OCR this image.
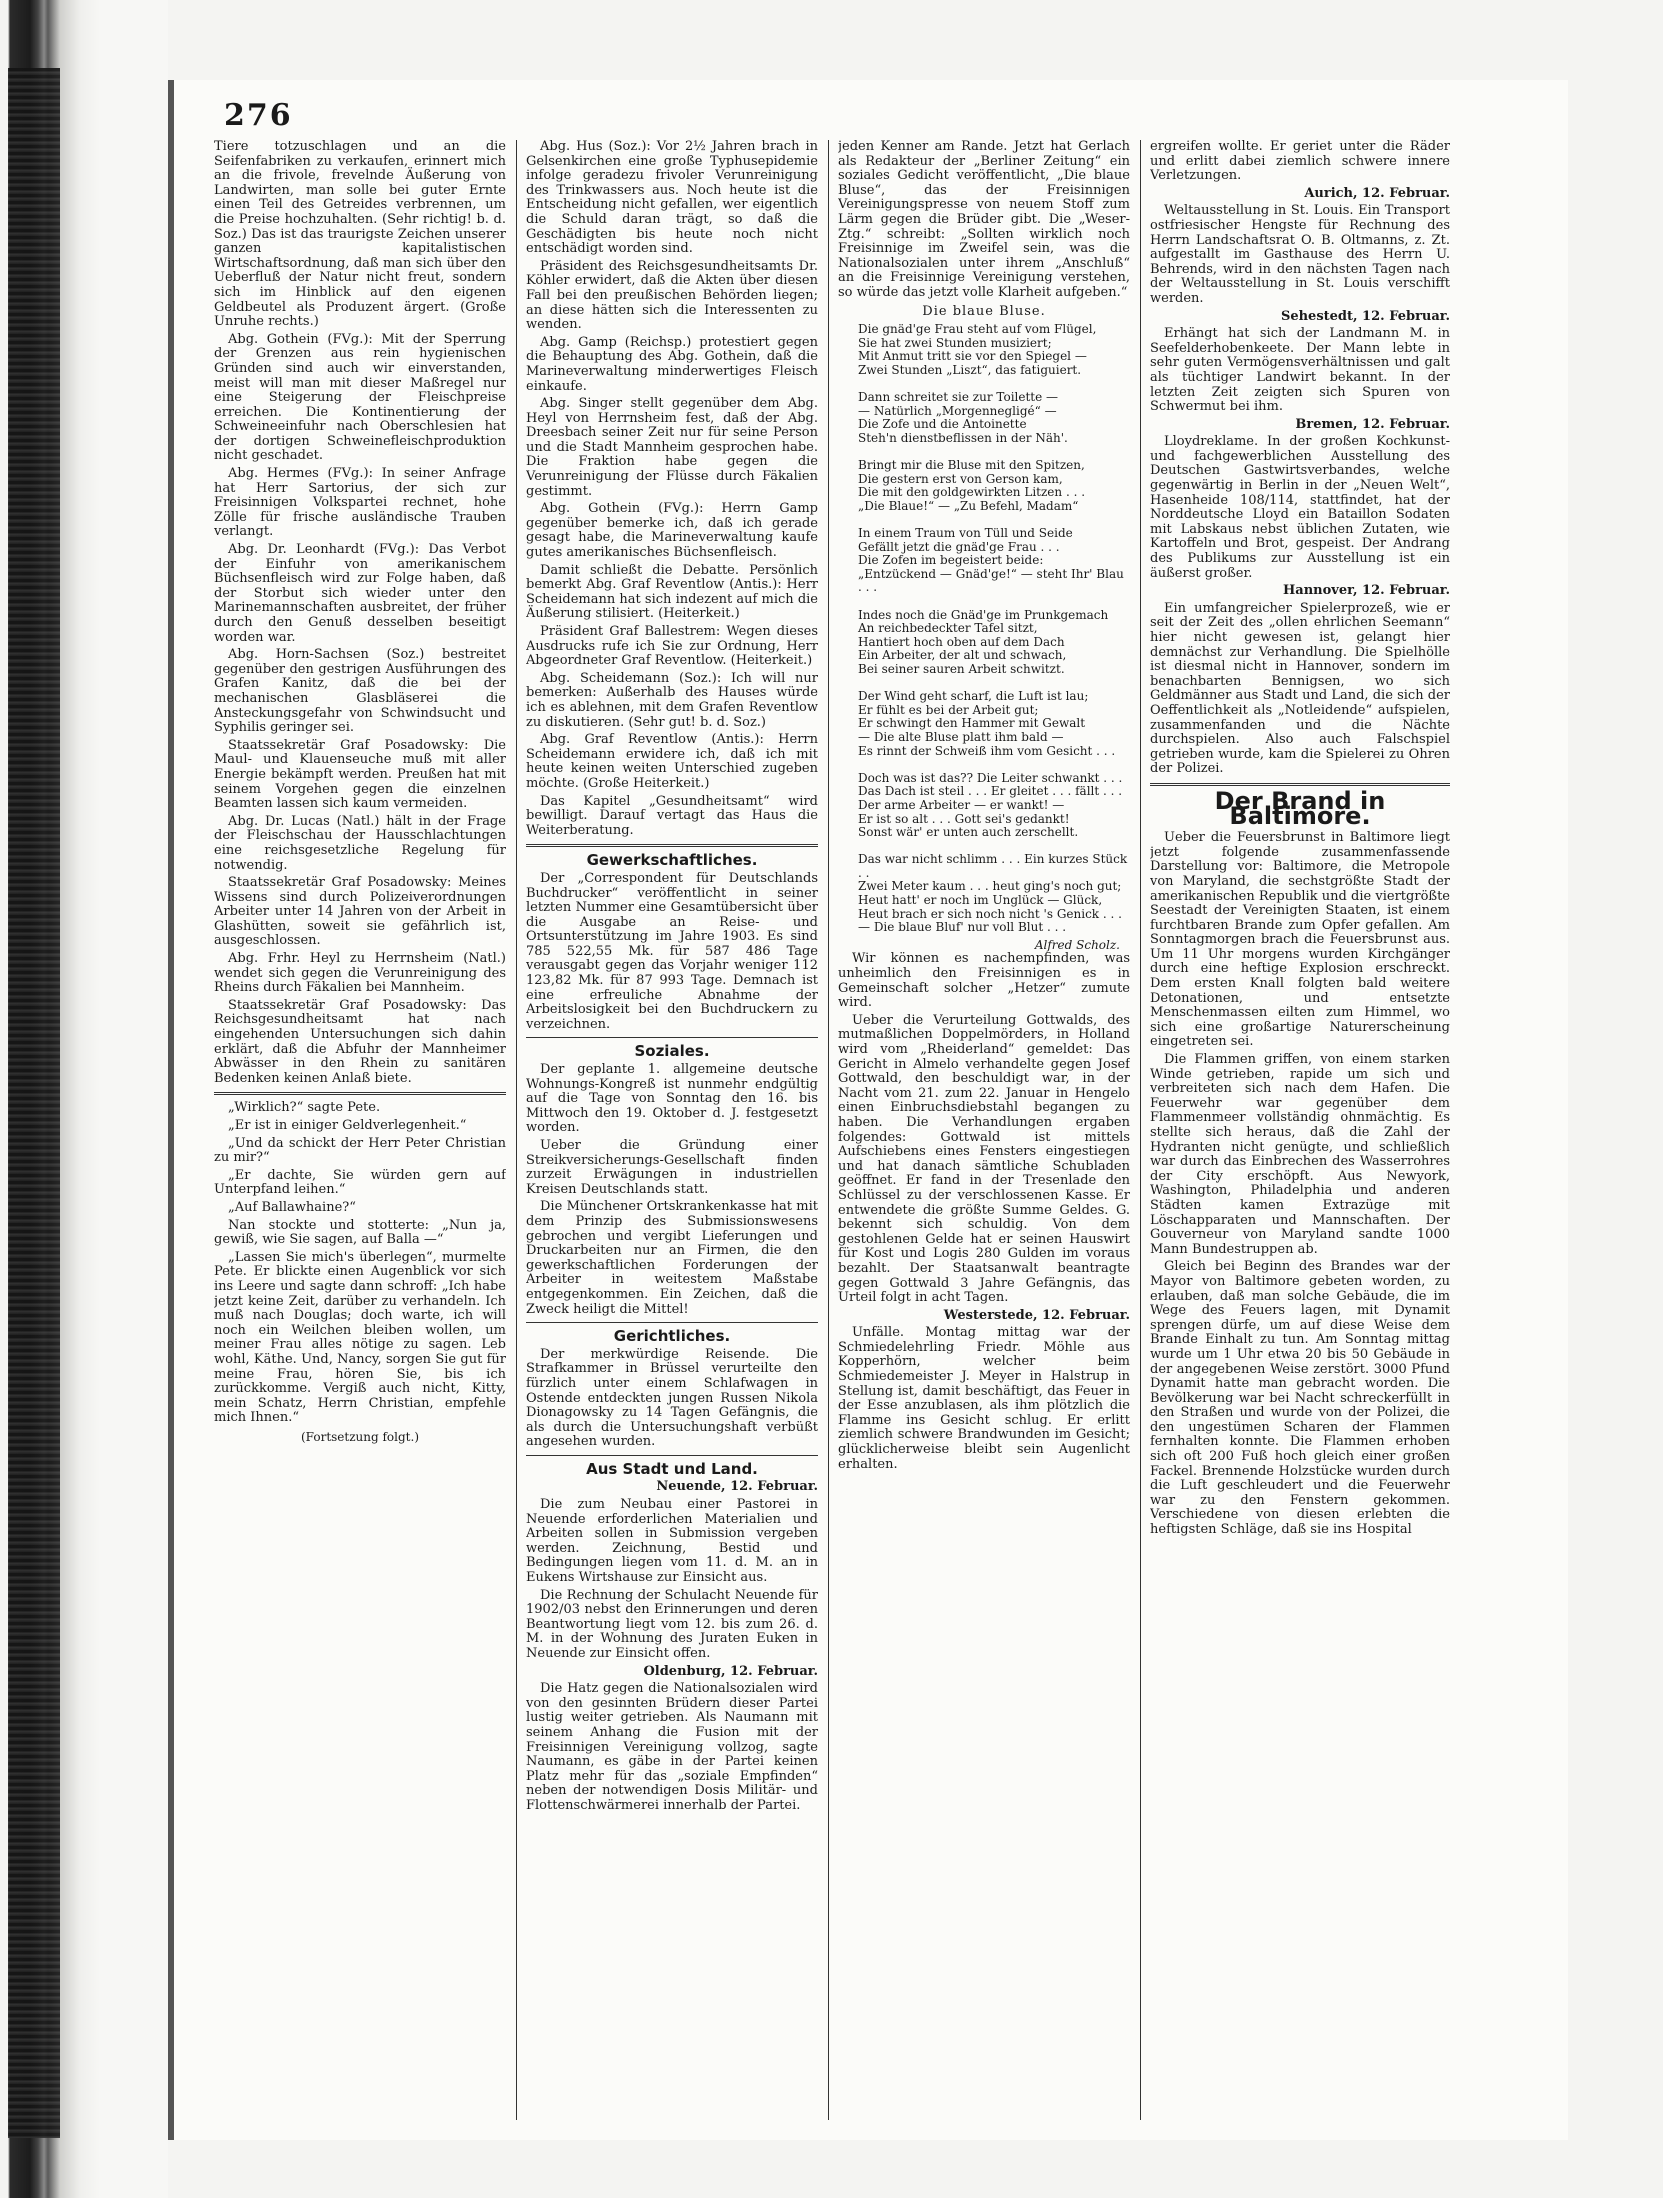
276

Tiere totzuschlagen und an die Seifenfabriken zu verkaufen, erinnert mich an die frivole, frevelnde Äußerung von Landwirten, man solle bei guter Ernte einen Teil des Getreides verbrennen, um die Preise hochzuhalten. (Sehr richtig! b. d. Soz.) Das ist das traurigste Zeichen unserer ganzen kapitalistischen Wirtschaftsordnung, daß man sich über den Ueberfluß der Natur nicht freut, sondern sich im Hinblick auf den eigenen Geldbeutel als Produzent ärgert. (Große Unruhe rechts.)

Abg. Gothein (FVg.): Mit der Sperrung der Grenzen aus rein hygienischen Gründen sind auch wir einverstanden, meist will man mit dieser Maßregel nur eine Steigerung der Fleischpreise erreichen. Die Kontinentierung der Schweineeinfuhr nach Oberschlesien hat der dortigen Schweinefleischproduktion nicht geschadet.

Abg. Hermes (FVg.): In seiner Anfrage hat Herr Sartorius, der sich zur Freisinnigen Volkspartei rechnet, hohe Zölle für frische ausländische Trauben verlangt.

Abg. Dr. Leonhardt (FVg.): Das Verbot der Einfuhr von amerikanischem Büchsenfleisch wird zur Folge haben, daß der Storbut sich wieder unter den Marinemannschaften ausbreitet, der früher durch den Genuß desselben beseitigt worden war.

Abg. Horn-Sachsen (Soz.) bestreitet gegenüber den gestrigen Ausführungen des Grafen Kanitz, daß die bei der mechanischen Glasbläserei die Ansteckungsgefahr von Schwindsucht und Syphilis geringer sei.

Staatssekretär Graf Posadowsky: Die Maul- und Klauenseuche muß mit aller Energie bekämpft werden. Preußen hat mit seinem Vorgehen gegen die einzelnen Beamten lassen sich kaum vermeiden.

Abg. Dr. Lucas (Natl.) hält in der Frage der Fleischschau der Hausschlachtungen eine reichsgesetzliche Regelung für notwendig.

Staatssekretär Graf Posadowsky: Meines Wissens sind durch Polizeiverordnungen Arbeiter unter 14 Jahren von der Arbeit in Glashütten, soweit sie gefährlich ist, ausgeschlossen.

Abg. Frhr. Heyl zu Herrnsheim (Natl.) wendet sich gegen die Verunreinigung des Rheins durch Fäkalien bei Mannheim.

Staatssekretär Graf Posadowsky: Das Reichsgesundheitsamt hat nach eingehenden Untersuchungen sich dahin erklärt, daß die Abfuhr der Mannheimer Abwässer in den Rhein zu sanitären Bedenken keinen Anlaß biete.

„Wirklich?“ sagte Pete.

„Er ist in einiger Geldverlegenheit.“

„Und da schickt der Herr Peter Christian zu mir?“

„Er dachte, Sie würden gern auf Unterpfand leihen.“

„Auf Ballawhaine?“

Nan stockte und stotterte: „Nun ja, gewiß, wie Sie sagen, auf Balla —“

„Lassen Sie mich's überlegen“, murmelte Pete. Er blickte einen Augenblick vor sich ins Leere und sagte dann schroff: „Ich habe jetzt keine Zeit, darüber zu verhandeln. Ich muß nach Douglas; doch warte, ich will noch ein Weilchen bleiben wollen, um meiner Frau alles nötige zu sagen. Leb wohl, Käthe. Und, Nancy, sorgen Sie gut für meine Frau, hören Sie, bis ich zurückkomme. Vergiß auch nicht, Kitty, mein Schatz, Herrn Christian, empfehle mich Ihnen.“

(Fortsetzung folgt.)

Abg. Hus (Soz.): Vor 2½ Jahren brach in Gelsenkirchen eine große Typhusepidemie infolge geradezu frivoler Verunreinigung des Trinkwassers aus. Noch heute ist die Entscheidung nicht gefallen, wer eigentlich die Schuld daran trägt, so daß die Geschädigten bis heute noch nicht entschädigt worden sind.

Präsident des Reichsgesundheitsamts Dr. Köhler erwidert, daß die Akten über diesen Fall bei den preußischen Behörden liegen; an diese hätten sich die Interessenten zu wenden.

Abg. Gamp (Reichsp.) protestiert gegen die Behauptung des Abg. Gothein, daß die Marineverwaltung minderwertiges Fleisch einkaufe.

Abg. Singer stellt gegenüber dem Abg. Heyl von Herrnsheim fest, daß der Abg. Dreesbach seiner Zeit nur für seine Person und die Stadt Mannheim gesprochen habe. Die Fraktion habe gegen die Verunreinigung der Flüsse durch Fäkalien gestimmt.

Abg. Gothein (FVg.): Herrn Gamp gegenüber bemerke ich, daß ich gerade gesagt habe, die Marineverwaltung kaufe gutes amerikanisches Büchsenfleisch.

Damit schließt die Debatte. Persönlich bemerkt Abg. Graf Reventlow (Antis.): Herr Scheidemann hat sich indezent auf mich die Äußerung stilisiert. (Heiterkeit.)

Präsident Graf Ballestrem: Wegen dieses Ausdrucks rufe ich Sie zur Ordnung, Herr Abgeordneter Graf Reventlow. (Heiterkeit.)

Abg. Scheidemann (Soz.): Ich will nur bemerken: Außerhalb des Hauses würde ich es ablehnen, mit dem Grafen Reventlow zu diskutieren. (Sehr gut! b. d. Soz.)

Abg. Graf Reventlow (Antis.): Herrn Scheidemann erwidere ich, daß ich mit heute keinen weiten Unterschied zugeben möchte. (Große Heiterkeit.)

Das Kapitel „Gesundheitsamt“ wird bewilligt. Darauf vertagt das Haus die Weiterberatung.

Gewerkschaftliches.

Der „Correspondent für Deutschlands Buchdrucker“ veröffentlicht in seiner letzten Nummer eine Gesamtübersicht über die Ausgabe an Reise- und Ortsunterstützung im Jahre 1903. Es sind 785 522,55 Mk. für 587 486 Tage verausgabt gegen das Vorjahr weniger 112 123,82 Mk. für 87 993 Tage. Demnach ist eine erfreuliche Abnahme der Arbeitslosigkeit bei den Buchdruckern zu verzeichnen.

Soziales.

Der geplante 1. allgemeine deutsche Wohnungs-Kongreß ist nunmehr endgültig auf die Tage von Sonntag den 16. bis Mittwoch den 19. Oktober d. J. festgesetzt worden.

Ueber die Gründung einer Streikversicherungs-Gesellschaft finden zurzeit Erwägungen in industriellen Kreisen Deutschlands statt.

Die Münchener Ortskrankenkasse hat mit dem Prinzip des Submissionswesens gebrochen und vergibt Lieferungen und Druckarbeiten nur an Firmen, die den gewerkschaftlichen Forderungen der Arbeiter in weitestem Maßstabe entgegenkommen. Ein Zeichen, daß die Zweck heiligt die Mittel!

Gerichtliches.

Der merkwürdige Reisende. Die Strafkammer in Brüssel verurteilte den fürzlich unter einem Schlafwagen in Ostende entdeckten jungen Russen Nikola Dionagowsky zu 14 Tagen Gefängnis, die als durch die Untersuchungshaft verbüßt angesehen wurden.

Aus Stadt und Land.
Neuende, 12. Februar.

Die zum Neubau einer Pastorei in Neuende erforderlichen Materialien und Arbeiten sollen in Submission vergeben werden. Zeichnung, Bestid und Bedingungen liegen vom 11. d. M. an in Eukens Wirtshause zur Einsicht aus.

Die Rechnung der Schulacht Neuende für 1902/03 nebst den Erinnerungen und deren Beantwortung liegt vom 12. bis zum 26. d. M. in der Wohnung des Juraten Euken in Neuende zur Einsicht offen.

Oldenburg, 12. Februar.

Die Hatz gegen die Nationalsozialen wird von den gesinnten Brüdern dieser Partei lustig weiter getrieben. Als Naumann mit seinem Anhang die Fusion mit der Freisinnigen Vereinigung vollzog, sagte Naumann, es gäbe in der Partei keinen Platz mehr für das „soziale Empfinden“ neben der notwendigen Dosis Militär- und Flottenschwärmerei innerhalb der Partei.

jeden Kenner am Rande. Jetzt hat Gerlach als Redakteur der „Berliner Zeitung“ ein soziales Gedicht veröffentlicht, „Die blaue Bluse“, das der Freisinnigen Vereinigungspresse von neuem Stoff zum Lärm gegen die Brüder gibt. Die „Weser-Ztg.“ schreibt: „Sollten wirklich noch Freisinnige im Zweifel sein, was die Nationalsozialen unter ihrem „Anschluß“ an die Freisinnige Vereinigung verstehen, so würde das jetzt volle Klarheit aufgeben.“

Die blaue Bluse.
Die gnäd'ge Frau steht auf vom Flügel,
Sie hat zwei Stunden musiziert;
Mit Anmut tritt sie vor den Spiegel —
Zwei Stunden „Liszt“, das fatiguiert.

Dann schreitet sie zur Toilette —
— Natürlich „Morgennegligé“ —
Die Zofe und die Antoinette
Steh'n dienstbeflissen in der Näh'.

Bringt mir die Bluse mit den Spitzen,
Die gestern erst von Gerson kam,
Die mit den goldgewirkten Litzen . . .
„Die Blaue!“ — „Zu Befehl, Madam“

In einem Traum von Tüll und Seide
Gefällt jetzt die gnäd'ge Frau . . .
Die Zofen im begeistert beide:
„Entzückend — Gnäd'ge!“ — steht Ihr' Blau . . .

Indes noch die Gnäd'ge im Prunkgemach
An reichbedeckter Tafel sitzt,
Hantiert hoch oben auf dem Dach
Ein Arbeiter, der alt und schwach,
Bei seiner sauren Arbeit schwitzt.

Der Wind geht scharf, die Luft ist lau;
Er fühlt es bei der Arbeit gut;
Er schwingt den Hammer mit Gewalt
— Die alte Bluse platt ihm bald —
Es rinnt der Schweiß ihm vom Gesicht . . .

Doch was ist das?? Die Leiter schwankt . . .
Das Dach ist steil . . . Er gleitet . . . fällt . . .
Der arme Arbeiter — er wankt! —
Er ist so alt . . . Gott sei's gedankt!
Sonst wär' er unten auch zerschellt.

Das war nicht schlimm . . . Ein kurzes Stück . .
Zwei Meter kaum . . . heut ging's noch gut;
Heut hatt' er noch im Unglück — Glück,
Heut brach er sich noch nicht 's Genick . . .
— Die blaue Bluf' nur voll Blut . . .
Alfred Scholz.

Wir können es nachempfinden, was unheimlich den Freisinnigen es in Gemeinschaft solcher „Hetzer“ zumute wird.

Ueber die Verurteilung Gottwalds, des mutmaßlichen Doppelmörders, in Holland wird vom „Rheiderland“ gemeldet: Das Gericht in Almelo verhandelte gegen Josef Gottwald, den beschuldigt war, in der Nacht vom 21. zum 22. Januar in Hengelo einen Einbruchsdiebstahl begangen zu haben. Die Verhandlungen ergaben folgendes: Gottwald ist mittels Aufschiebens eines Fensters eingestiegen und hat danach sämtliche Schubladen geöffnet. Er fand in der Tresenlade den Schlüssel zu der verschlossenen Kasse. Er entwendete die größte Summe Geldes. G. bekennt sich schuldig. Von dem gestohlenen Gelde hat er seinen Hauswirt für Kost und Logis 280 Gulden im voraus bezahlt. Der Staatsanwalt beantragte gegen Gottwald 3 Jahre Gefängnis, das Urteil folgt in acht Tagen.

Westerstede, 12. Februar.

Unfälle. Montag mittag war der Schmiedelehrling Friedr. Möhle aus Kopperhörn, welcher beim Schmiedemeister J. Meyer in Halstrup in Stellung ist, damit beschäftigt, das Feuer in der Esse anzublasen, als ihm plötzlich die Flamme ins Gesicht schlug. Er erlitt ziemlich schwere Brandwunden im Gesicht; glücklicherweise bleibt sein Augenlicht erhalten.

ergreifen wollte. Er geriet unter die Räder und erlitt dabei ziemlich schwere innere Verletzungen.

Aurich, 12. Februar.

Weltausstellung in St. Louis. Ein Transport ostfriesischer Hengste für Rechnung des Herrn Landschaftsrat O. B. Oltmanns, z. Zt. aufgestallt im Gasthause des Herrn U. Behrends, wird in den nächsten Tagen nach der Weltausstellung in St. Louis verschifft werden.

Sehestedt, 12. Februar.

Erhängt hat sich der Landmann M. in Seefelderhobenkeete. Der Mann lebte in sehr guten Vermögensverhältnissen und galt als tüchtiger Landwirt bekannt. In der letzten Zeit zeigten sich Spuren von Schwermut bei ihm.

Bremen, 12. Februar.

Lloydreklame. In der großen Kochkunst- und fachgewerblichen Ausstellung des Deutschen Gastwirtsverbandes, welche gegenwärtig in Berlin in der „Neuen Welt“, Hasenheide 108/114, stattfindet, hat der Norddeutsche Lloyd ein Bataillon Sodaten mit Labskaus nebst üblichen Zutaten, wie Kartoffeln und Brot, gespeist. Der Andrang des Publikums zur Ausstellung ist ein äußerst großer.

Hannover, 12. Februar.

Ein umfangreicher Spielerprozeß, wie er seit der Zeit des „ollen ehrlichen Seemann“ hier nicht gewesen ist, gelangt hier demnächst zur Verhandlung. Die Spielhölle ist diesmal nicht in Hannover, sondern im benachbarten Bennigsen, wo sich Geldmänner aus Stadt und Land, die sich der Oeffentlichkeit als „Notleidende“ aufspielen, zusammenfanden und die Nächte durchspielen. Also auch Falschspiel getrieben wurde, kam die Spielerei zu Ohren der Polizei.

Der Brand in Baltimore.

Ueber die Feuersbrunst in Baltimore liegt jetzt folgende zusammenfassende Darstellung vor: Baltimore, die Metropole von Maryland, die sechstgrößte Stadt der amerikanischen Republik und die viertgrößte Seestadt der Vereinigten Staaten, ist einem furchtbaren Brande zum Opfer gefallen. Am Sonntagmorgen brach die Feuersbrunst aus. Um 11 Uhr morgens wurden Kirchgänger durch eine heftige Explosion erschreckt. Dem ersten Knall folgten bald weitere Detonationen, und entsetzte Menschenmassen eilten zum Himmel, wo sich eine großartige Naturerscheinung eingetreten sei.

Die Flammen griffen, von einem starken Winde getrieben, rapide um sich und verbreiteten sich nach dem Hafen. Die Feuerwehr war gegenüber dem Flammenmeer vollständig ohnmächtig. Es stellte sich heraus, daß die Zahl der Hydranten nicht genügte, und schließlich war durch das Einbrechen des Wasserrohres der City erschöpft. Aus Newyork, Washington, Philadelphia und anderen Städten kamen Extrazüge mit Löschapparaten und Mannschaften. Der Gouverneur von Maryland sandte 1000 Mann Bundestruppen ab.

Gleich bei Beginn des Brandes war der Mayor von Baltimore gebeten worden, zu erlauben, daß man solche Gebäude, die im Wege des Feuers lagen, mit Dynamit sprengen dürfe, um auf diese Weise dem Brande Einhalt zu tun. Am Sonntag mittag wurde um 1 Uhr etwa 20 bis 50 Gebäude in der angegebenen Weise zerstört. 3000 Pfund Dynamit hatte man gebracht worden. Die Bevölkerung war bei Nacht schreckerfüllt in den Straßen und wurde von der Polizei, die den ungestümen Scharen der Flammen fernhalten konnte. Die Flammen erhoben sich oft 200 Fuß hoch gleich einer großen Fackel. Brennende Holzstücke wurden durch die Luft geschleudert und die Feuerwehr war zu den Fenstern gekommen. Verschiedene von diesen erlebten die heftigsten Schläge, daß sie ins Hospital
